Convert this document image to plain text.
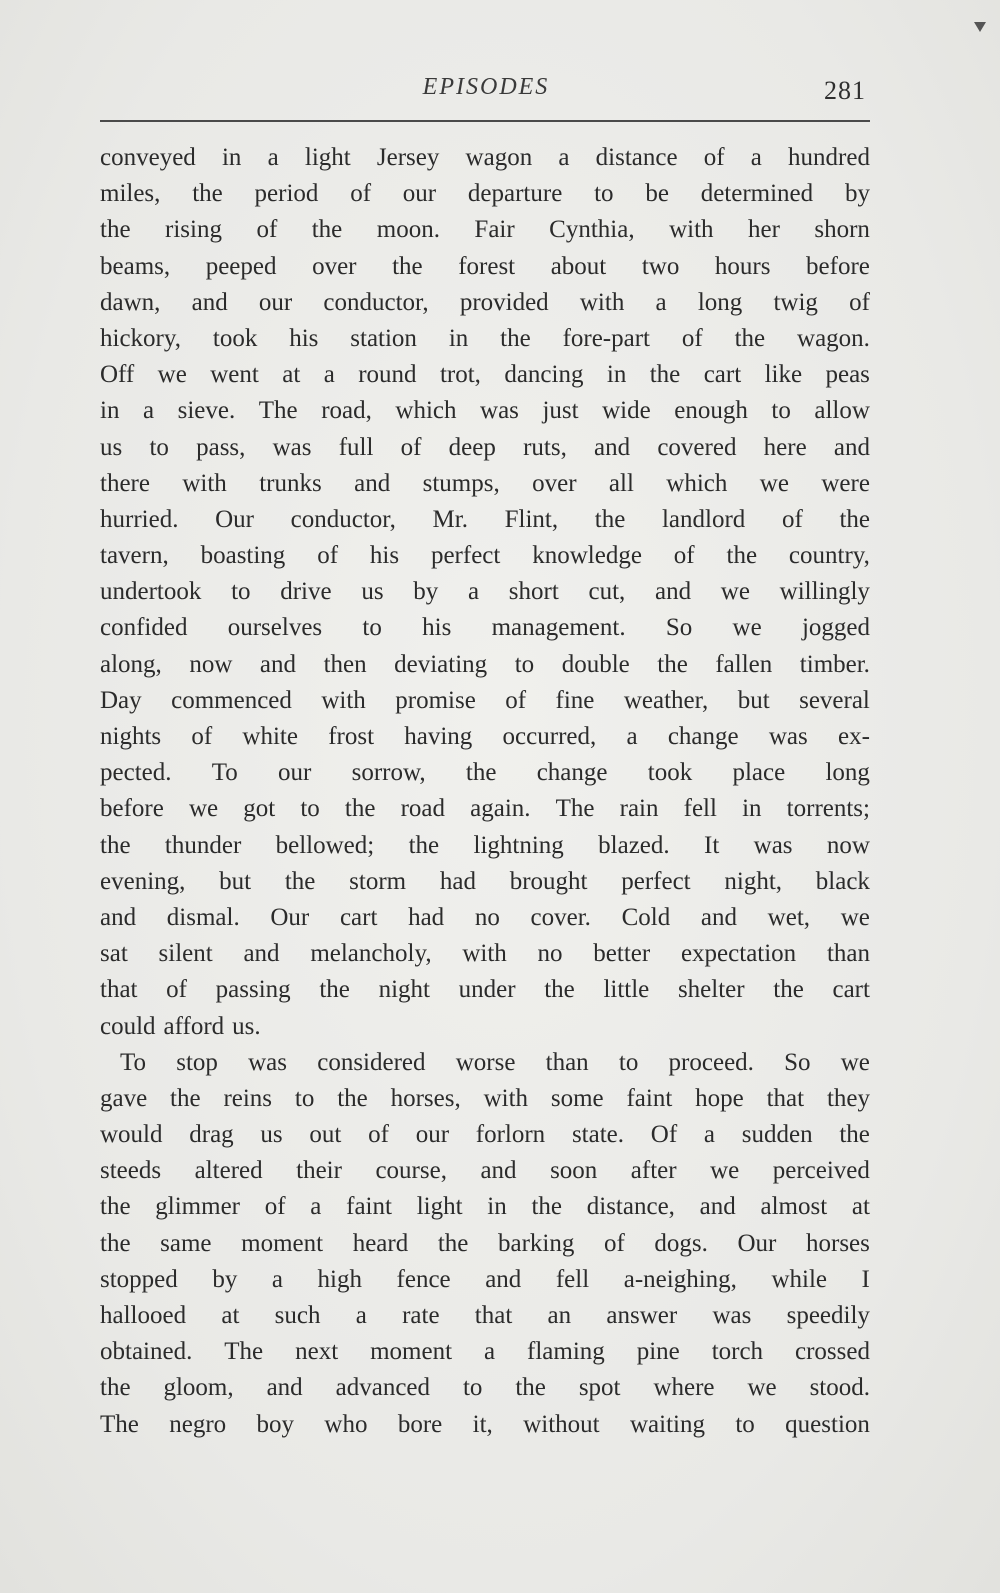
EPISODES	281
conveyed in a light Jersey wagon a distance of a hundred
miles, the period of our departure to be determined by
the rising of the moon. Fair Cynthia, with her shorn
beams, peeped over the forest about two hours before
dawn, and our conductor, provided with a long twig of
hickory, took his station in the fore-part of the wagon.
Off we went at a round trot, dancing in the cart like peas
in a sieve. The road, which was just wide enough to allow
us to pass, was full of deep ruts, and covered here and
there with trunks and stumps, over all which we were
hurried. Our conductor, Mr. Flint, the landlord of the
tavern, boasting of his perfect knowledge of the country,
undertook to drive us by a short cut, and we willingly
confided ourselves to his management. So we jogged
along, now and then deviating to double the fallen timber.
Day commenced with promise of fine weather, but several
nights of white frost having occurred, a change was ex-
pected. To our sorrow, the change took place long
before we got to the road again. The rain fell in torrents;
the thunder bellowed; the lightning blazed. It was now
evening, but the storm had brought perfect night, black
and dismal. Our cart had no cover. Cold and wet, we
sat silent and melancholy, with no better expectation than
that of passing the night under the little shelter the cart
could afford us.
To stop was considered worse than to proceed. So we
gave the reins to the horses, with some faint hope that they
would drag us out of our forlorn state. Of a sudden the
steeds altered their course, and soon after we perceived
the glimmer of a faint light in the distance, and almost at
the same moment heard the barking of dogs. Our horses
stopped by a high fence and fell a-neighing, while I
hallooed at such a rate that an answer was speedily
obtained. The next moment a flaming pine torch crossed
the gloom, and advanced to the spot where we stood.
The negro boy who bore it, without waiting to question
